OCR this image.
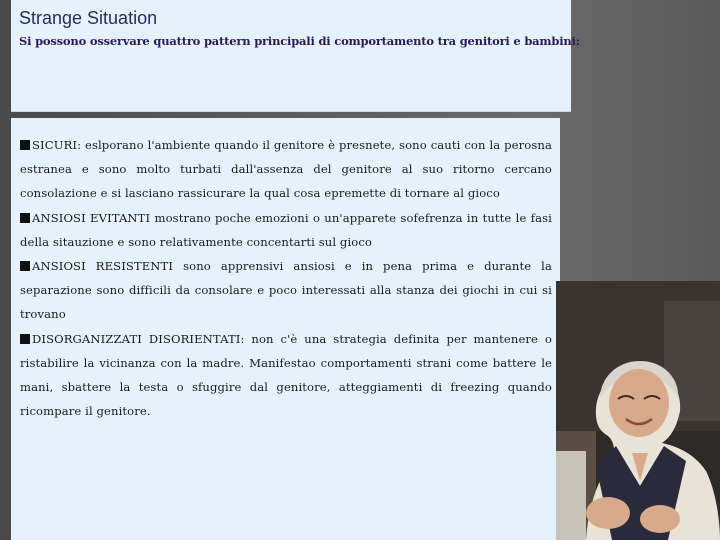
Strange Situation
Si possono osservare quattro pattern principali di comportamento tra genitori e bambini:
SICURI: eslporano l'ambiente quando il genitore è presnete, sono cauti con la perosna estranea e sono molto turbati dall'assenza del genitore al suo ritorno cercano consolazione e si lasciano rassicurare la qual cosa epremette di tornare al gioco
ANSIOSI EVITANTI mostrano poche emozioni o un'apparete sofefrenza in tutte le fasi della sitauzione e sono relativamente concentarti sul gioco
ANSIOSI RESISTENTI sono apprensivi ansiosi e in pena prima e durante la separazione sono difficili da consolare e poco interessati alla stanza dei giochi in cui si trovano
DISORGANIZZATI DISORIENTATI: non c'è una strategia definita per mantenere o ristabilire la vicinanza con la madre. Manifestao comportamenti strani come battere le mani, sbattere la testa o sfuggire dal genitore, atteggiamenti di freezing quando ricompare il genitore.
